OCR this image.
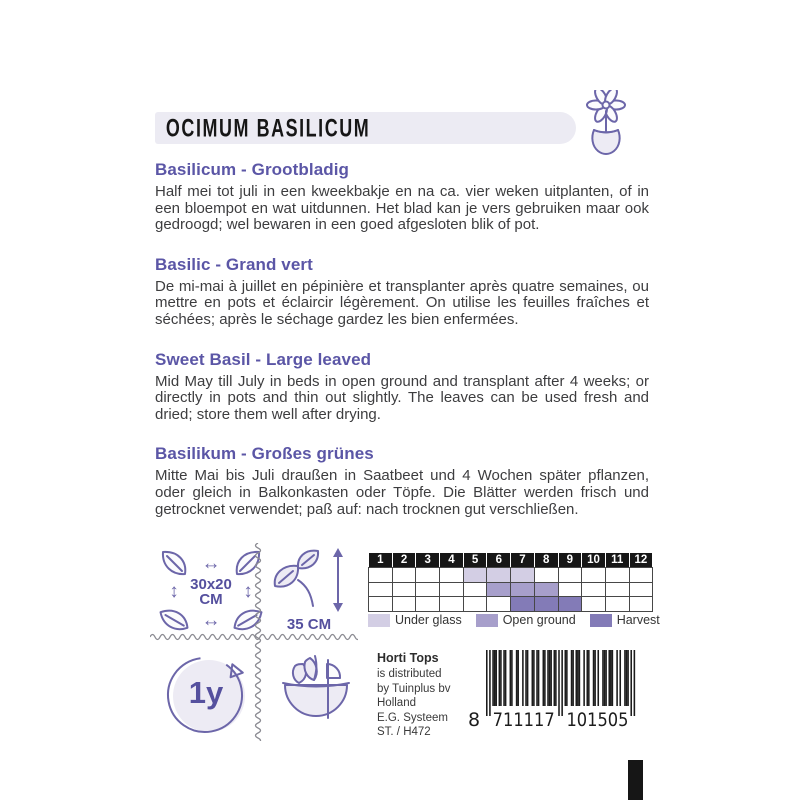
OCIMUM BASILICUM
Basilicum - Grootbladig

Half mei tot juli in een kweekbakje en na ca. vier weken uitplanten, of in een bloempot en wat uitdunnen. Het blad kan je vers gebruiken maar ook gedroogd; wel bewaren in een goed afgesloten blik of pot.

Basilic - Grand vert

De mi-mai à juillet en pépinière et transplanter après quatre semaines, ou mettre en pots et éclaircir légèrement. On utilise les feuilles fraîches et séchées; après le séchage gardez les bien enfermées.

Sweet Basil - Large leaved

Mid May till July in beds in open ground and transplant after 4 weeks; or directly in pots and thin out slightly. The leaves can be used fresh and dried; store them well after drying.

Basilikum - Großes grünes

Mitte Mai bis Juli draußen in Saatbeet und 4 Wochen später pflanzen, oder gleich in Balkonkasten oder Töpfe. Die Blätter werden frisch und getrocknet verwendet; paß auf: nach trocknen gut verschließen.

↔
↕ 30x20
CM	↕
↔	35 CM
1y
1	2	3	4	5	6	7	8	9	10	11	12

Under glass	Open ground	Harvest
Horti Tops
is distributed
by Tuinplus bv
Holland
E.G. Systeem
ST. / H472
8 711117 101505
